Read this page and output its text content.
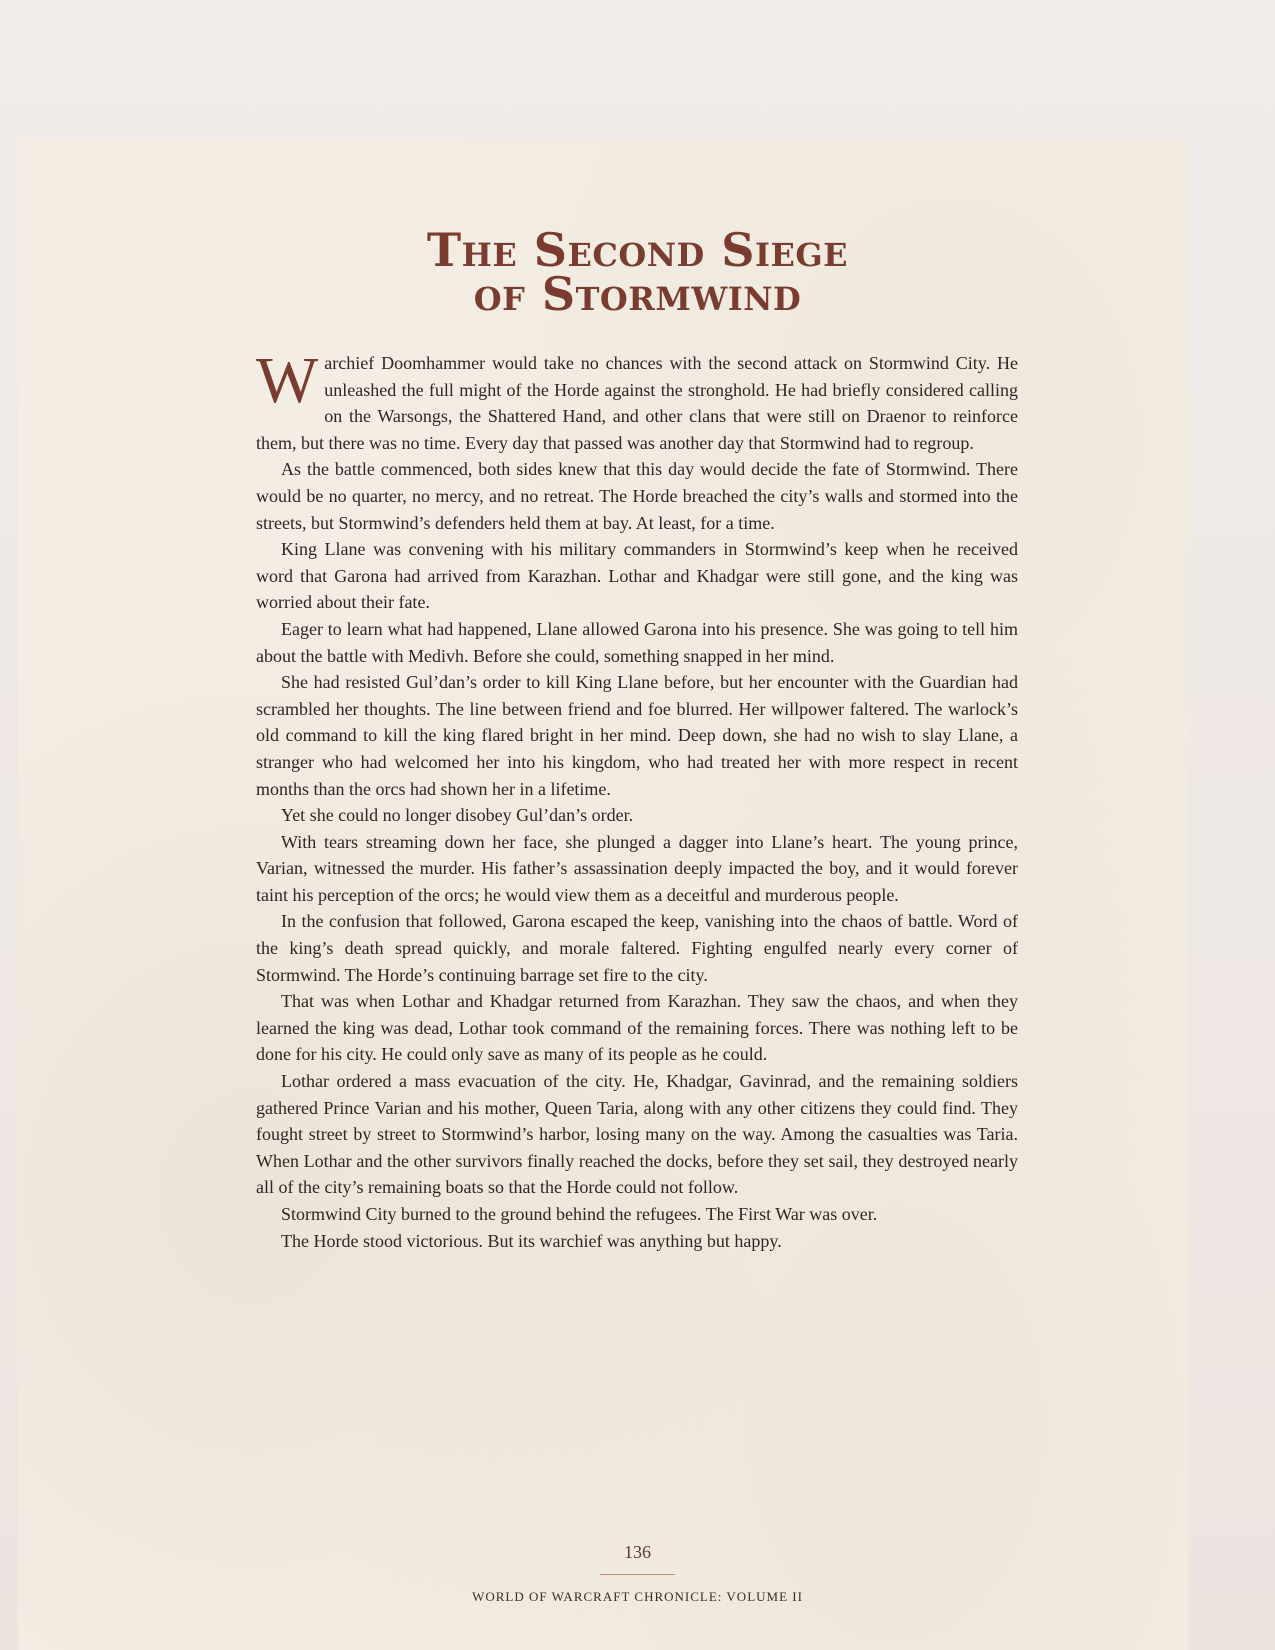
The Second Siege
of Stormwind

Warchief Doomhammer would take no chances with the second attack on Stormwind City. He unleashed the full might of the Horde against the stronghold. He had briefly considered calling on the Warsongs, the Shattered Hand, and other clans that were still on Draenor to reinforce them, but there was no time. Every day that passed was another day that Stormwind had to regroup.

As the battle commenced, both sides knew that this day would decide the fate of Stormwind. There would be no quarter, no mercy, and no retreat. The Horde breached the city’s walls and stormed into the streets, but Stormwind’s defenders held them at bay. At least, for a time.

King Llane was convening with his military commanders in Stormwind’s keep when he received word that Garona had arrived from Karazhan. Lothar and Khadgar were still gone, and the king was worried about their fate.

Eager to learn what had happened, Llane allowed Garona into his presence. She was going to tell him about the battle with Medivh. Before she could, something snapped in her mind.

She had resisted Gul’dan’s order to kill King Llane before, but her encounter with the Guardian had scrambled her thoughts. The line between friend and foe blurred. Her willpower faltered. The warlock’s old command to kill the king flared bright in her mind. Deep down, she had no wish to slay Llane, a stranger who had welcomed her into his kingdom, who had treated her with more respect in recent months than the orcs had shown her in a lifetime.

Yet she could no longer disobey Gul’dan’s order.

With tears streaming down her face, she plunged a dagger into Llane’s heart. The young prince, Varian, witnessed the murder. His father’s assassination deeply impacted the boy, and it would forever taint his perception of the orcs; he would view them as a deceitful and murderous people.

In the confusion that followed, Garona escaped the keep, vanishing into the chaos of battle. Word of the king’s death spread quickly, and morale faltered. Fighting engulfed nearly every corner of Stormwind. The Horde’s continuing barrage set fire to the city.

That was when Lothar and Khadgar returned from Karazhan. They saw the chaos, and when they learned the king was dead, Lothar took command of the remaining forces. There was nothing left to be done for his city. He could only save as many of its people as he could.

Lothar ordered a mass evacuation of the city. He, Khadgar, Gavinrad, and the remaining soldiers gathered Prince Varian and his mother, Queen Taria, along with any other citizens they could find. They fought street by street to Stormwind’s harbor, losing many on the way. Among the casualties was Taria. When Lothar and the other survivors finally reached the docks, before they set sail, they destroyed nearly all of the city’s remaining boats so that the Horde could not follow.

Stormwind City burned to the ground behind the refugees. The First War was over.

The Horde stood victorious. But its warchief was anything but happy.

136
WORLD OF WARCRAFT CHRONICLE: VOLUME II
